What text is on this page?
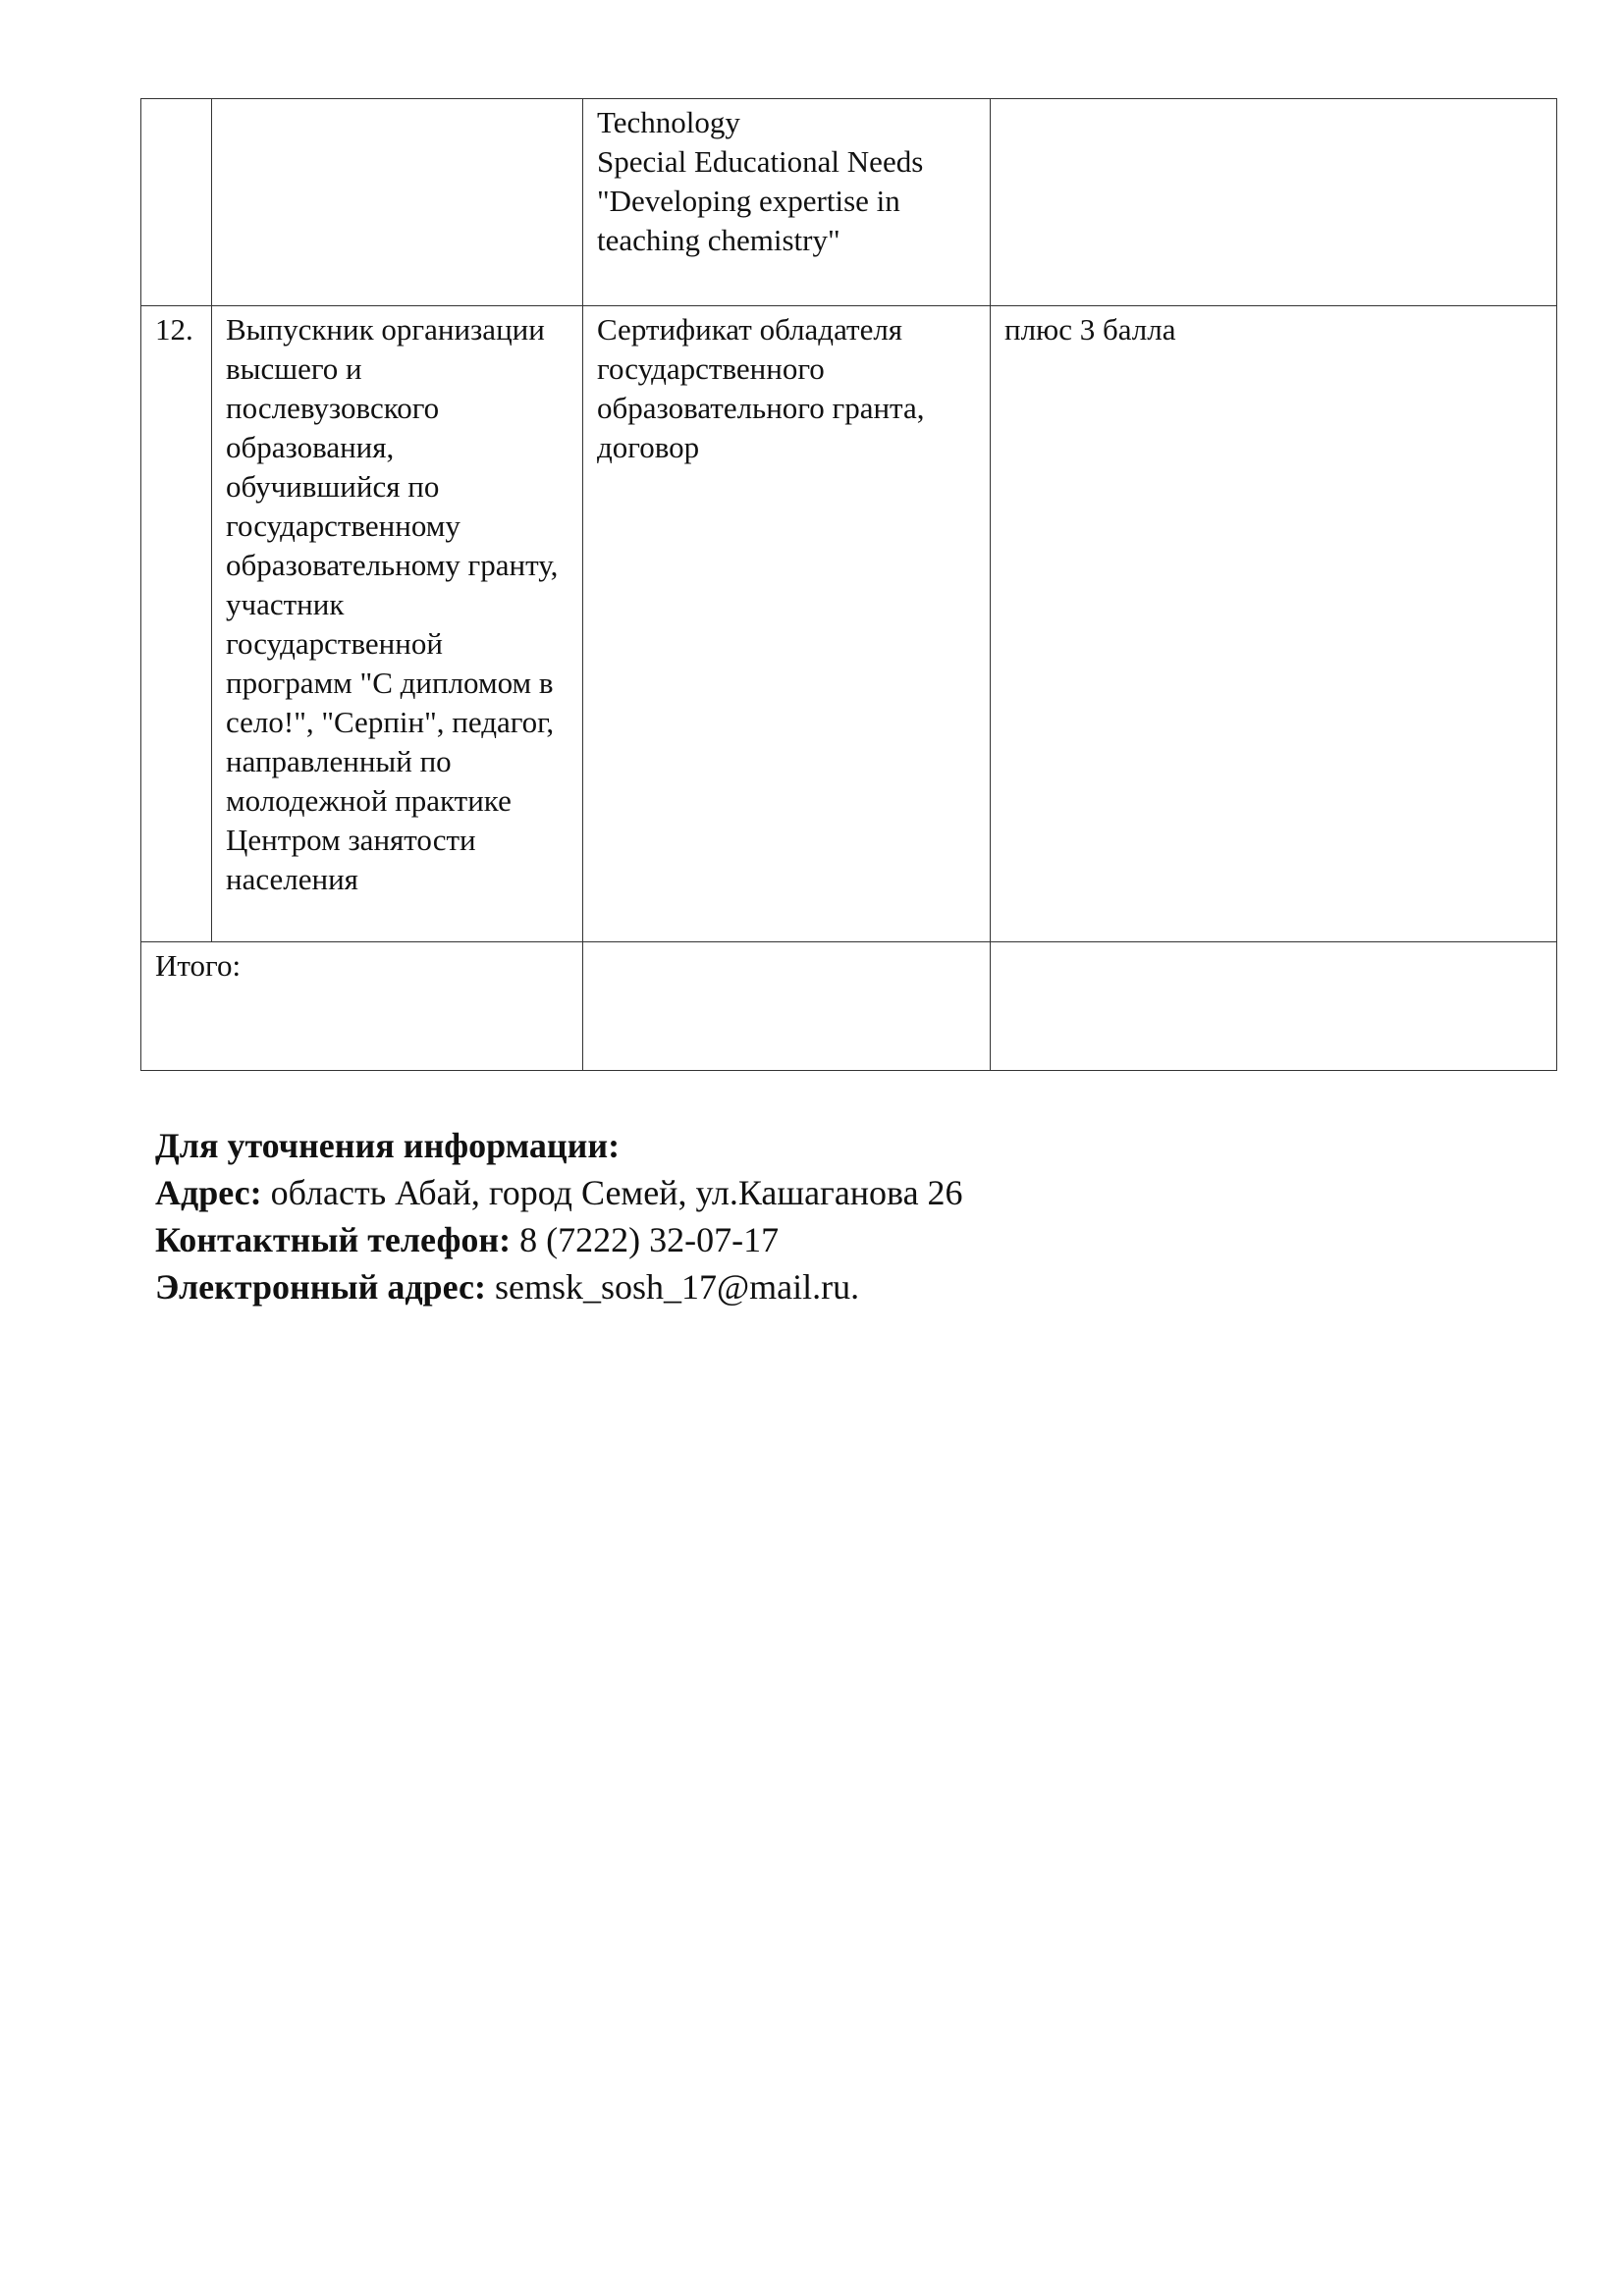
		Technology
Special Educational Needs
"Developing expertise in teaching chemistry"	
12.	Выпускник организации высшего и послевузовского образования, обучившийся по государственному образовательному гранту, участник государственной программ "С дипломом в село!", "Серпін", педагог, направленный по молодежной практике Центром занятости населения	Сертификат обладателя государственного образовательного гранта, договор	плюс 3 балла
Итого:			
Для уточнения информации:
Адрес: область Абай, город Семей, ул.Кашаганова 26
Контактный телефон: 8 (7222) 32-07-17
Электронный адрес: semsk_sosh_17@mail.ru.
